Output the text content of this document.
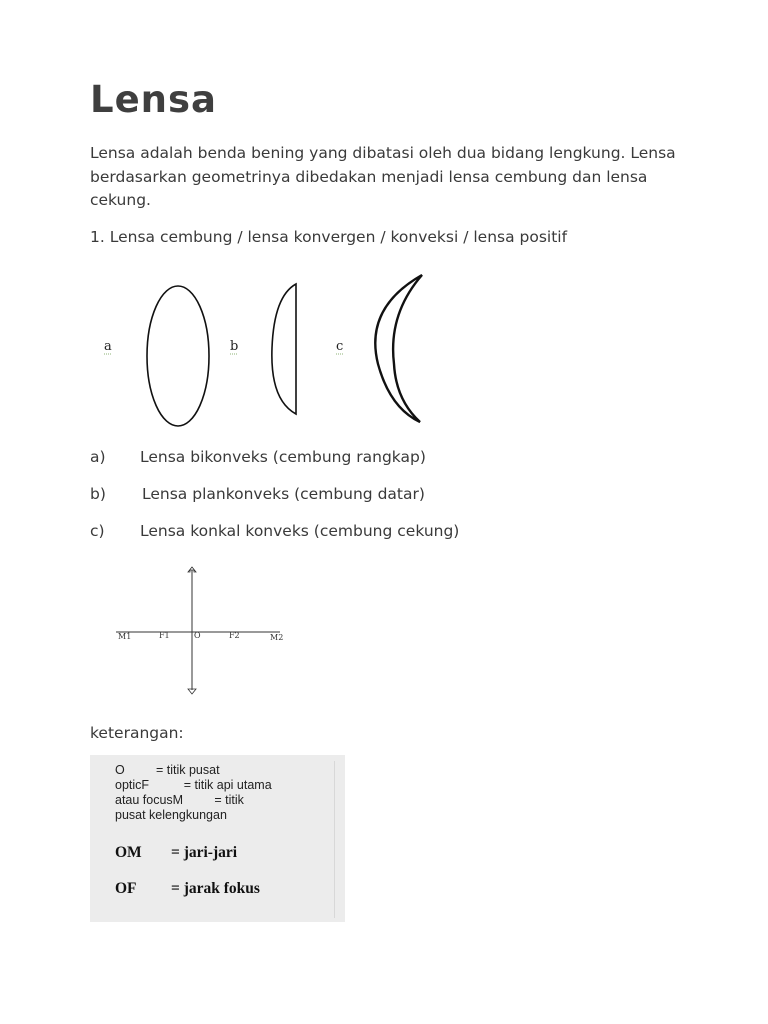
Lensa

Lensa adalah benda bening yang dibatasi oleh dua bidang lengkung. Lensa berdasarkan geometrinya dibedakan menjadi lensa cembung dan lensa cekung.

1. Lensa cembung / lensa konvergen / konveksi / lensa positif

a	b	c

a) Lensa bikonveks (cembung rangkap)

b) Lensa plankonveks (cembung datar)

c) Lensa konkal konveks (cembung cekung)

M1	F1	O	F2	M2

keterangan:

O         = titik pusat
opticF          = titik api utama
atau focusM         = titik
pusat kelengkungan

OM = jari-jari

OF = jarak fokus
